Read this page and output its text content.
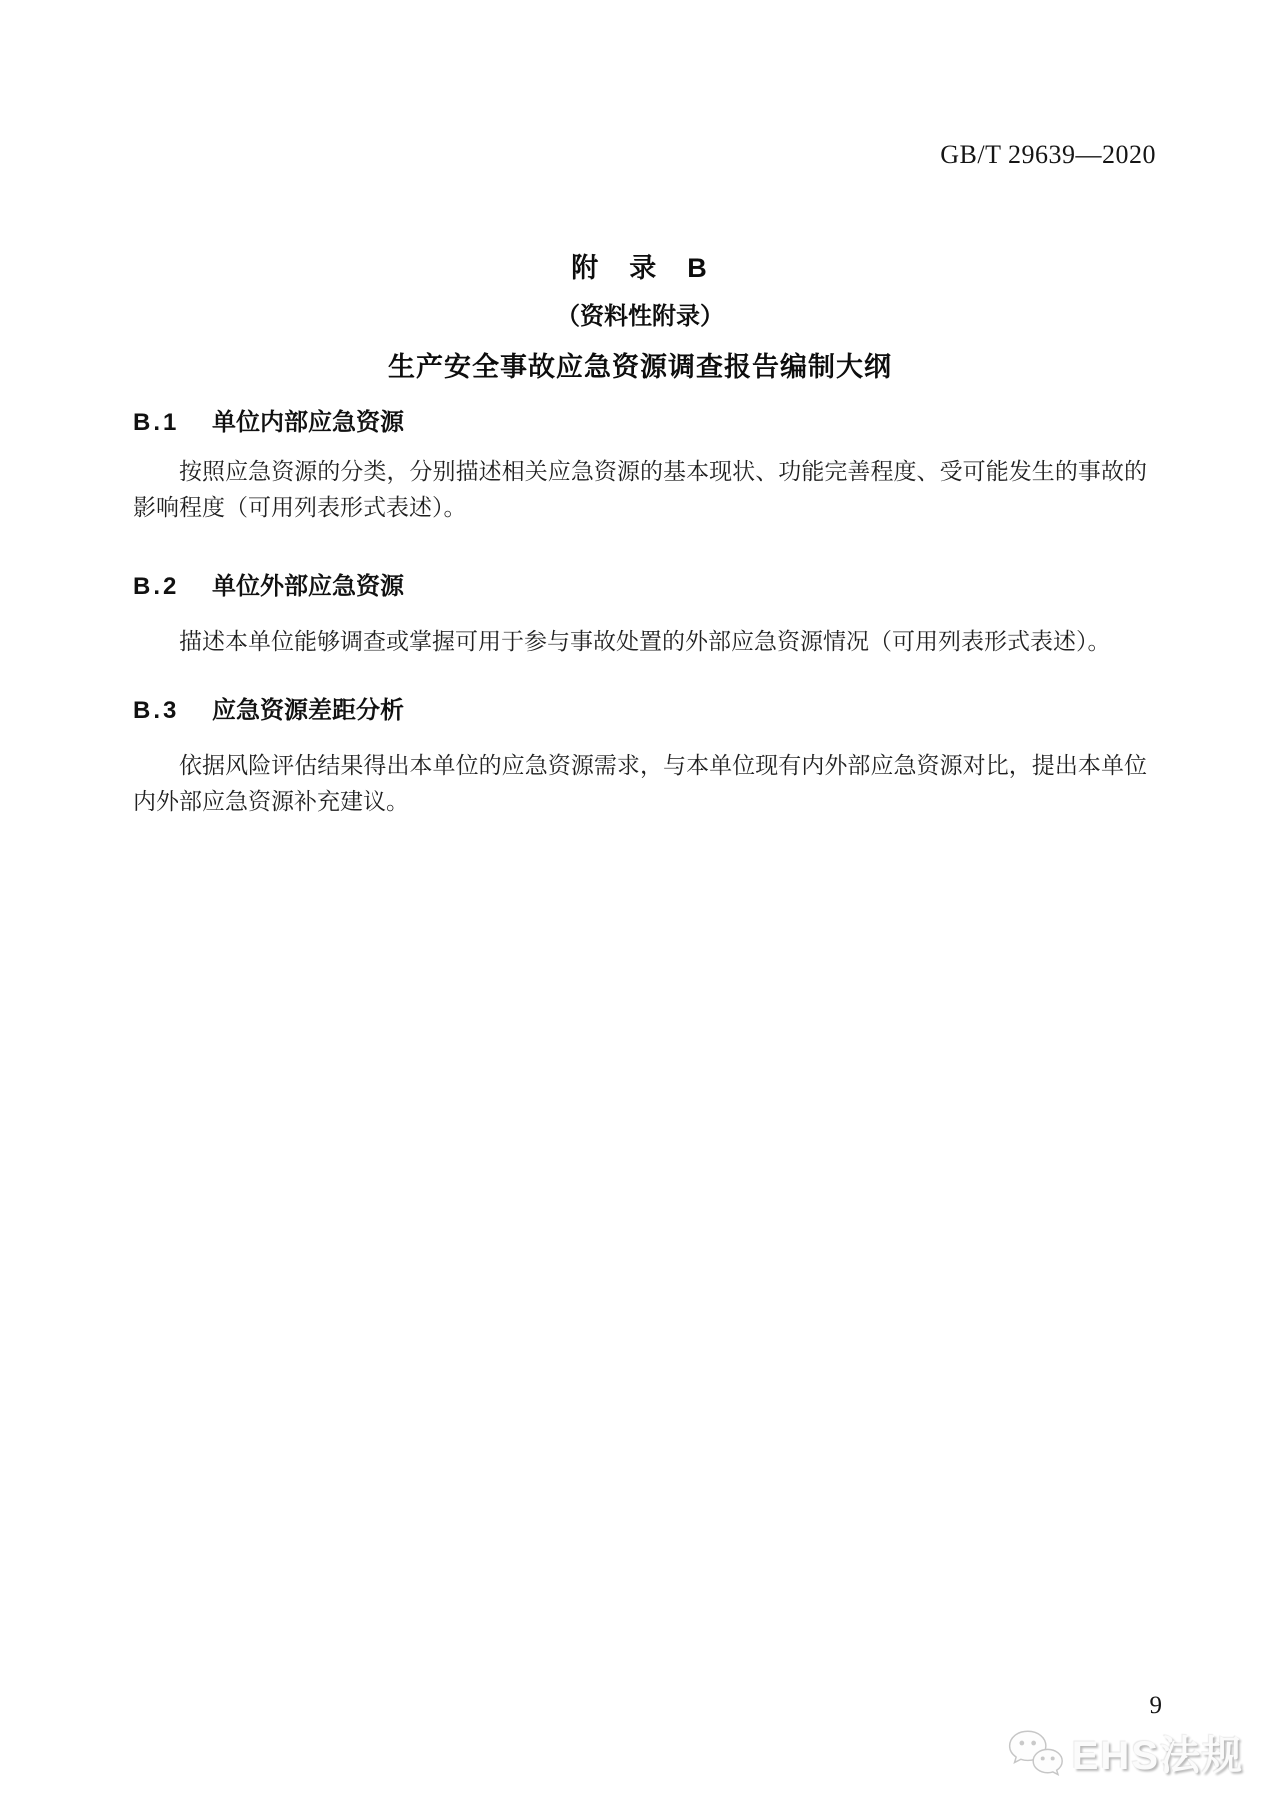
GB/T 29639—2020
附　录　B
（资料性附录）
生产安全事故应急资源调查报告编制大纲
B.1 单位内部应急资源

按照应急资源的分类，分别描述相关应急资源的基本现状、功能完善程度、受可能发生的事故的影响程度（可用列表形式表述）。

B.2 单位外部应急资源

描述本单位能够调查或掌握可用于参与事故处置的外部应急资源情况（可用列表形式表述）。

B.3 应急资源差距分析

依据风险评估结果得出本单位的应急资源需求，与本单位现有内外部应急资源对比，提出本单位内外部应急资源补充建议。

9
EHS法规
